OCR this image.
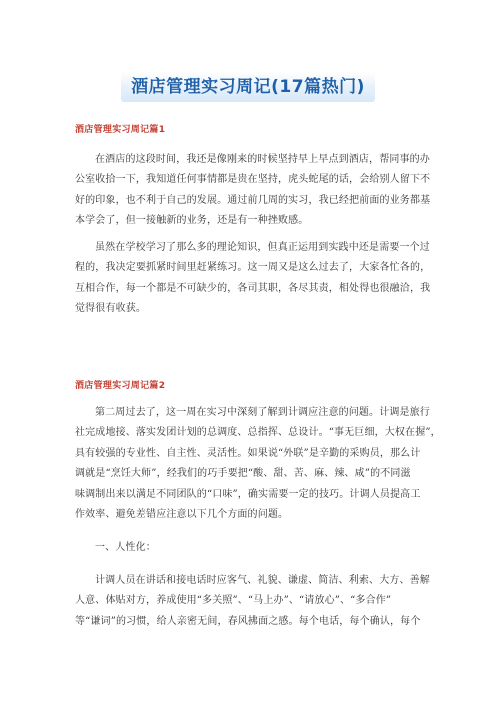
酒店管理实习周记(17篇热门)
酒店管理实习周记篇1
在酒店的这段时间，我还是像刚来的时候坚持早上早点到酒店，帮同事的办
公室收拾一下，我知道任何事情都是贵在坚持，虎头蛇尾的话，会给别人留下不
好的印象，也不利于自己的发展。通过前几周的实习，我已经把前面的业务都基
本学会了，但一接触新的业务，还是有一种挫败感。
虽然在学校学习了那么多的理论知识，但真正运用到实践中还是需要一个过
程的，我决定要抓紧时间里赶紧练习。这一周又是这么过去了，大家各忙各的，
互相合作，每一个都是不可缺少的，各司其职，各尽其责，相处得也很融洽，我
觉得很有收获。
酒店管理实习周记篇2
第二周过去了，这一周在实习中深刻了解到计调应注意的问题。计调是旅行
社完成地接、落实发团计划的总调度、总指挥、总设计。“事无巨细，大权在握”，
具有较强的专业性、自主性、灵活性。如果说“外联”是辛勤的采购员，那么计
调就是“烹饪大师”，经我们的巧手要把“酸、甜、苦、麻、辣、咸”的不同滋
味调制出来以满足不同团队的“口味”，确实需要一定的技巧。计调人员提高工
作效率、避免差错应注意以下几个方面的问题。
一、人性化：
计调人员在讲话和接电话时应客气、礼貌、谦虚、简洁、利索、大方、善解
人意、体贴对方，养成使用“多关照”、“马上办”、“请放心”、“多合作”
等“谦词”的习惯，给人亲密无间，春风拂面之感。每个电话，每个确认，每个
